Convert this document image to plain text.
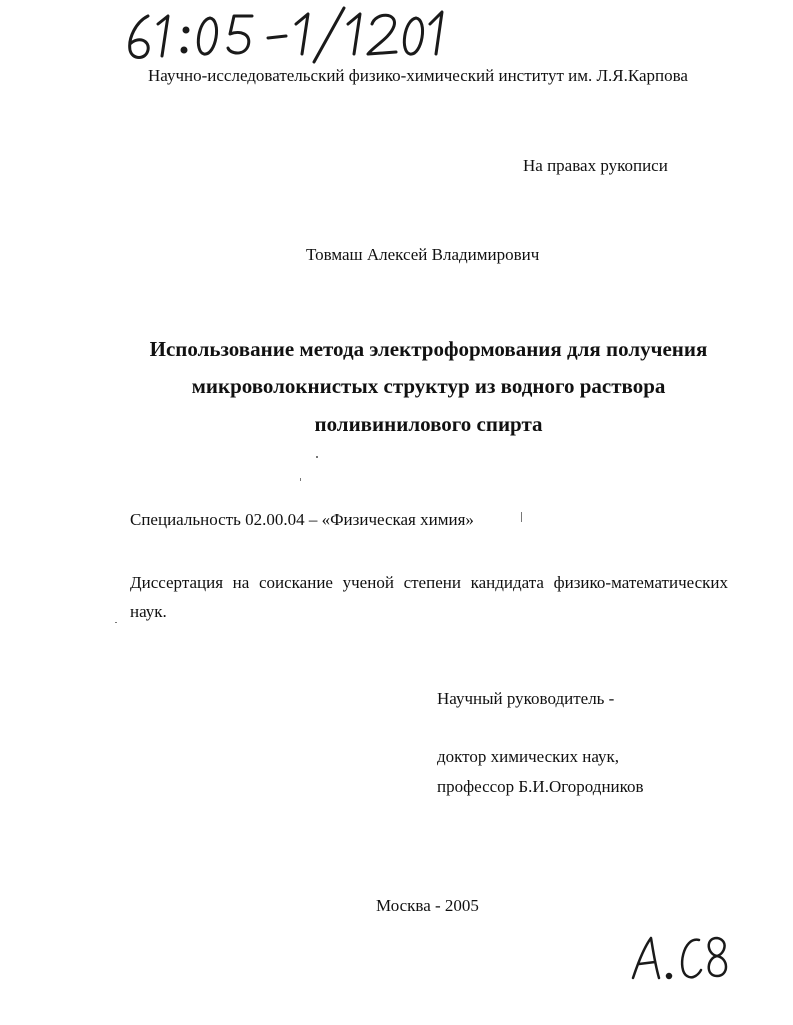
Научно-исследовательский физико-химический институт им. Л.Я.Карпова
На правах рукописи
Товмаш Алексей Владимирович
Использование метода электроформования для получения
микроволокнистых структур из водного раствора
поливинилового спирта
Специальность 02.00.04 – «Физическая химия»
Диссертация на соискание ученой степени кандидата физико-математических наук.
Научный руководитель -
доктор химических наук,
профессор Б.И.Огородников
Москва - 2005
